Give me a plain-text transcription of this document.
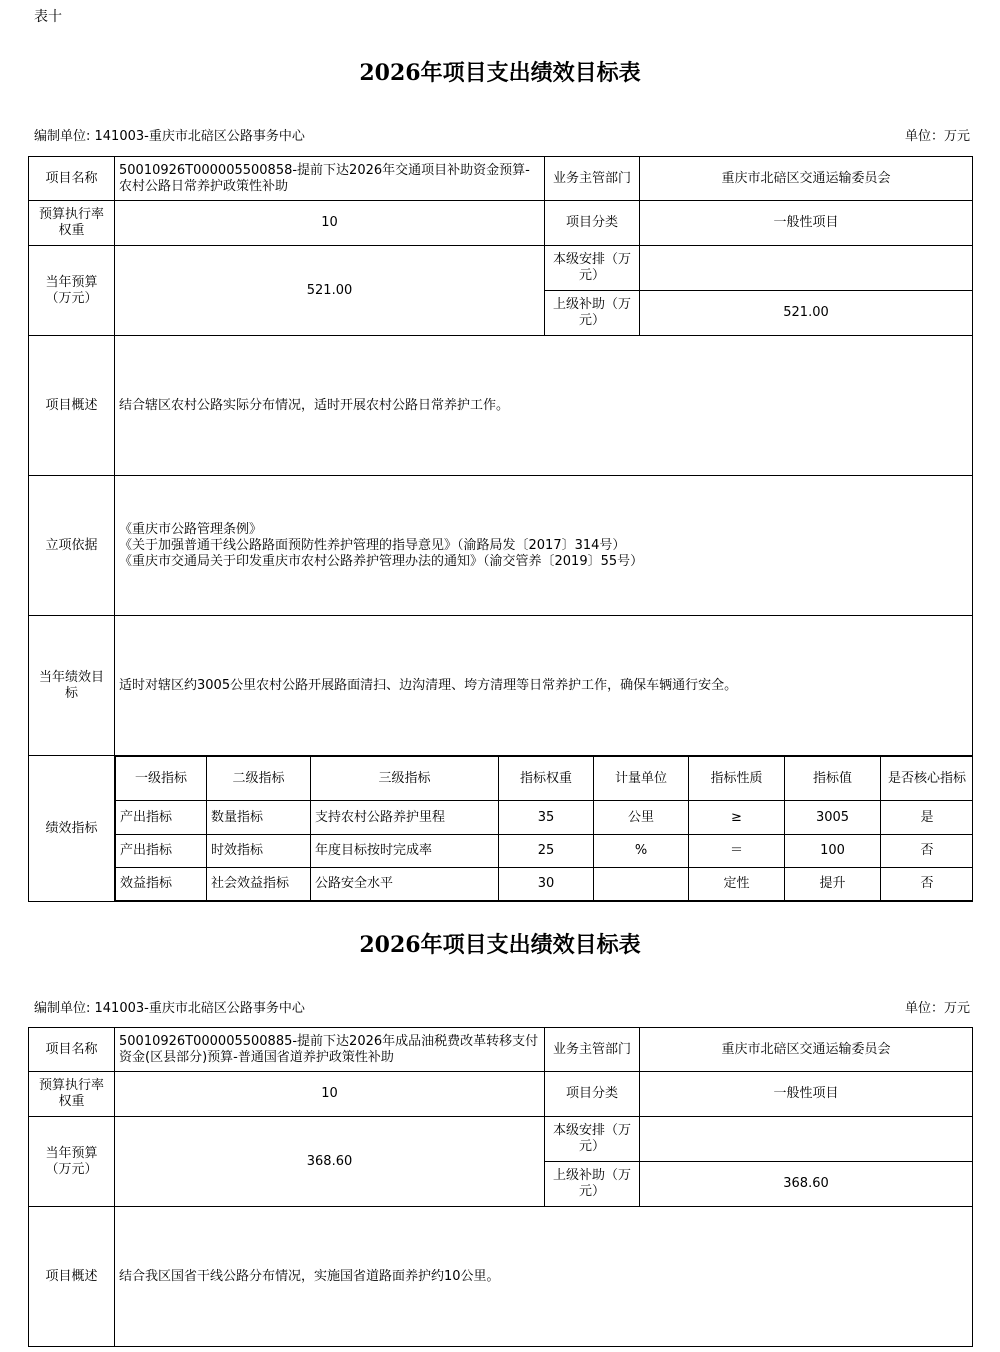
表十
2026年项目支出绩效目标表
编制单位: 141003-重庆市北碚区公路事务中心	单位：万元
项目名称	50010926T000005500858-提前下达2026年交通项目补助资金预算-农村公路日常养护政策性补助	业务主管部门	重庆市北碚区交通运输委员会
预算执行率权重	10	项目分类	一般性项目
当年预算（万元）	521.00	本级安排（万元）	
上级补助（万元）	521.00
项目概述	结合辖区农村公路实际分布情况，适时开展农村公路日常养护工作。
立项依据	
《重庆市公路管理条例》
《关于加强普通干线公路路面预防性养护管理的指导意见》（渝路局发〔2017〕314号）
《重庆市交通局关于印发重庆市农村公路养护管理办法的通知》（渝交管养〔2019〕55号）

当年绩效目标	适时对辖区约3005公里农村公路开展路面清扫、边沟清理、垮方清理等日常养护工作，确保车辆通行安全。
绩效指标	
一级指标	二级指标	三级指标	指标权重	计量单位	指标性质	指标值	是否核心指标
产出指标	数量指标	支持农村公路养护里程	35	公里	≥	3005	是
产出指标	时效指标	年度目标按时完成率	25	%	＝	100	否
效益指标	社会效益指标	公路安全水平	30		定性	提升	否
2026年项目支出绩效目标表
编制单位: 141003-重庆市北碚区公路事务中心	单位：万元
项目名称	50010926T000005500885-提前下达2026年成品油税费改革转移支付资金(区县部分)预算-普通国省道养护政策性补助	业务主管部门	重庆市北碚区交通运输委员会
预算执行率权重	10	项目分类	一般性项目
当年预算（万元）	368.60	本级安排（万元）	
		上级补助（万元）	368.60
项目概述	结合我区国省干线公路分布情况，实施国省道路面养护约10公里。		
